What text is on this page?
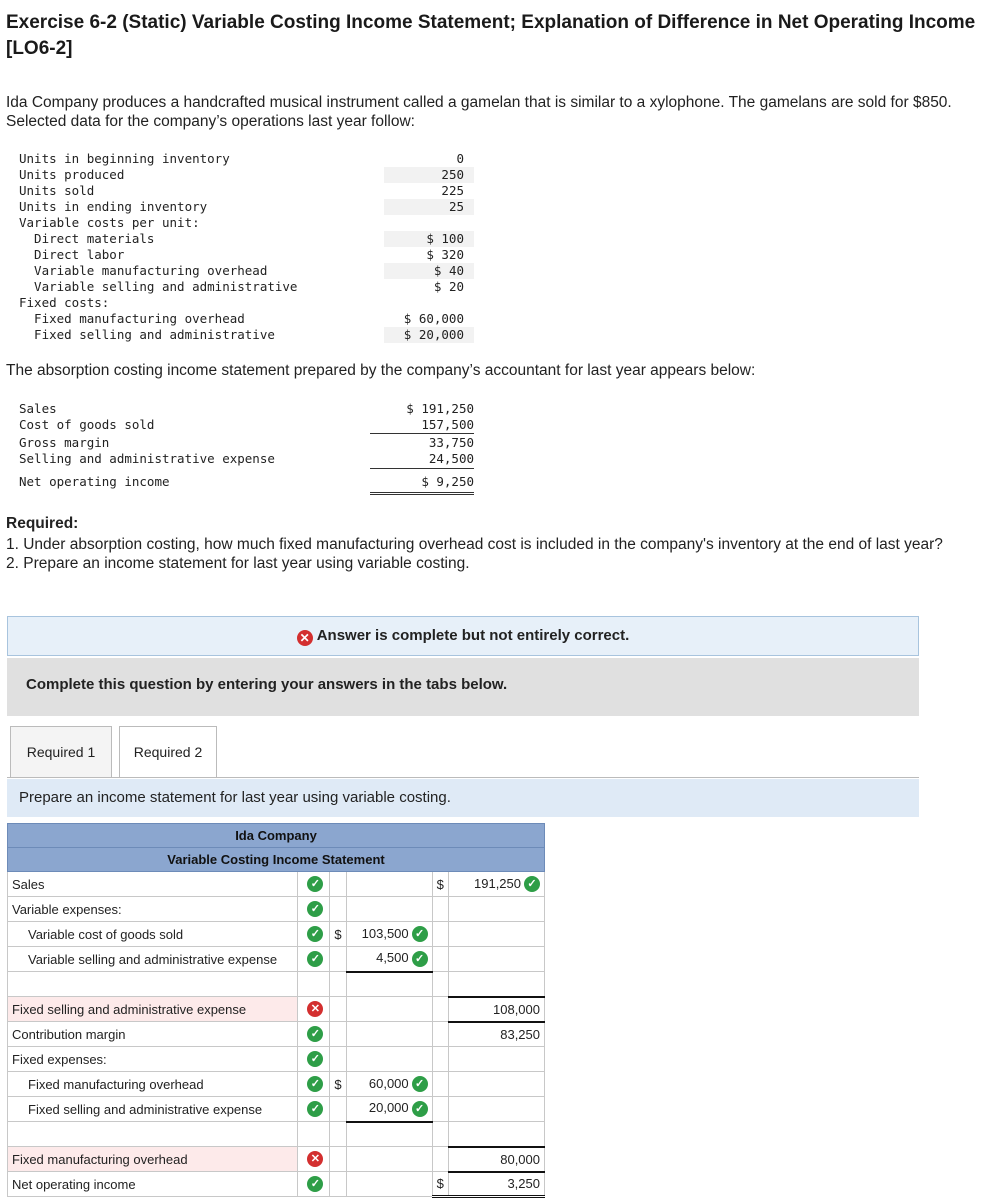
Exercise 6-2 (Static) Variable Costing Income Statement; Explanation of Difference in Net Operating Income [LO6-2]
Ida Company produces a handcrafted musical instrument called a gamelan that is similar to a xylophone. The gamelans are sold for $850. Selected data for the company’s operations last year follow:
Units in beginning inventory	0
Units produced	250
Units sold	225
Units in ending inventory	25
Variable costs per unit:
Direct materials	$ 100
Direct labor	$ 320
Variable manufacturing overhead	$ 40
Variable selling and administrative	$ 20
Fixed costs:
Fixed manufacturing overhead	$ 60,000
Fixed selling and administrative	$ 20,000
The absorption costing income statement prepared by the company’s accountant for last year appears below:
Sales	$ 191,250
Cost of goods sold	157,500
Gross margin	33,750
Selling and administrative expense	24,500
Net operating income	$ 9,250
Required:
1. Under absorption costing, how much fixed manufacturing overhead cost is included in the company's inventory at the end of last year?
2. Prepare an income statement for last year using variable costing.
✕ Answer is complete but not entirely correct.
Complete this question by entering your answers in the tabs below.
Required 1	Required 2
Prepare an income statement for last year using variable costing.
Ida Company					
Variable Costing Income Statement					
Sales	✓			$	191,250 ✓
Variable expenses:	✓				
Variable cost of goods sold	✓	$	103,500 ✓		
Variable selling and administrative expense	✓		4,500 ✓		

Fixed selling and administrative expense	✕				108,000
Contribution margin	✓				83,250
Fixed expenses:	✓				
Fixed manufacturing overhead	✓	$	60,000 ✓		
Fixed selling and administrative expense	✓		20,000 ✓		

Fixed manufacturing overhead	✕				80,000
Net operating income	✓			$	3,250
